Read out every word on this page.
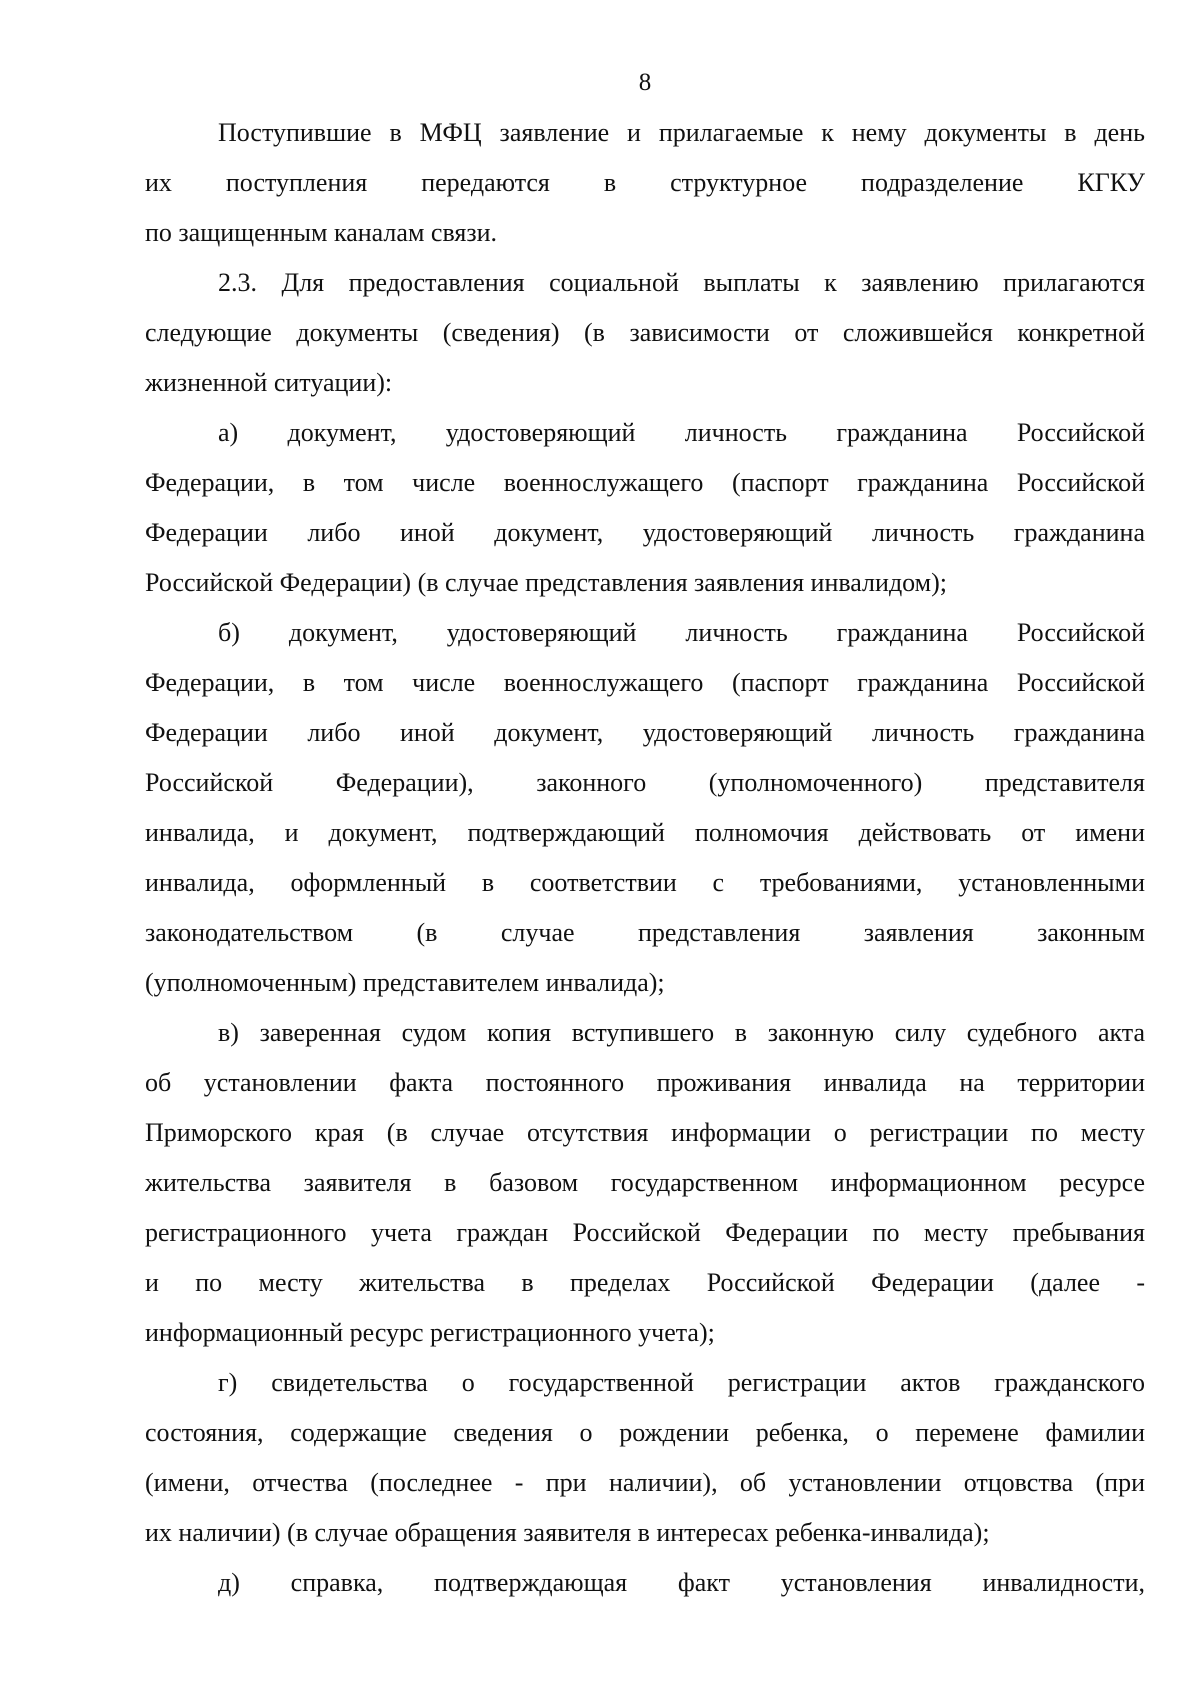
8
Поступившие в МФЦ заявление и прилагаемые к нему документы в день
их поступления передаются в структурное подразделение КГКУ
по защищенным каналам связи.
2.3. Для предоставления социальной выплаты к заявлению прилагаются
следующие документы (сведения) (в зависимости от сложившейся конкретной
жизненной ситуации):
а) документ, удостоверяющий личность гражданина Российской
Федерации, в том числе военнослужащего (паспорт гражданина Российской
Федерации либо иной документ, удостоверяющий личность гражданина
Российской Федерации) (в случае представления заявления инвалидом);
б) документ, удостоверяющий личность гражданина Российской
Федерации, в том числе военнослужащего (паспорт гражданина Российской
Федерации либо иной документ, удостоверяющий личность гражданина
Российской Федерации), законного (уполномоченного) представителя
инвалида, и документ, подтверждающий полномочия действовать от имени
инвалида, оформленный в соответствии с требованиями, установленными
законодательством (в случае представления заявления законным
(уполномоченным) представителем инвалида);
в) заверенная судом копия вступившего в законную силу судебного акта
об установлении факта постоянного проживания инвалида на территории
Приморского края (в случае отсутствия информации о регистрации по месту
жительства заявителя в базовом государственном информационном ресурсе
регистрационного учета граждан Российской Федерации по месту пребывания
и по месту жительства в пределах Российской Федерации (далее -
информационный ресурс регистрационного учета);
г) свидетельства о государственной регистрации актов гражданского
состояния, содержащие сведения о рождении ребенка, о перемене фамилии
(имени, отчества (последнее - при наличии), об установлении отцовства (при
их наличии) (в случае обращения заявителя в интересах ребенка-инвалида);
д) справка, подтверждающая факт установления инвалидности,
